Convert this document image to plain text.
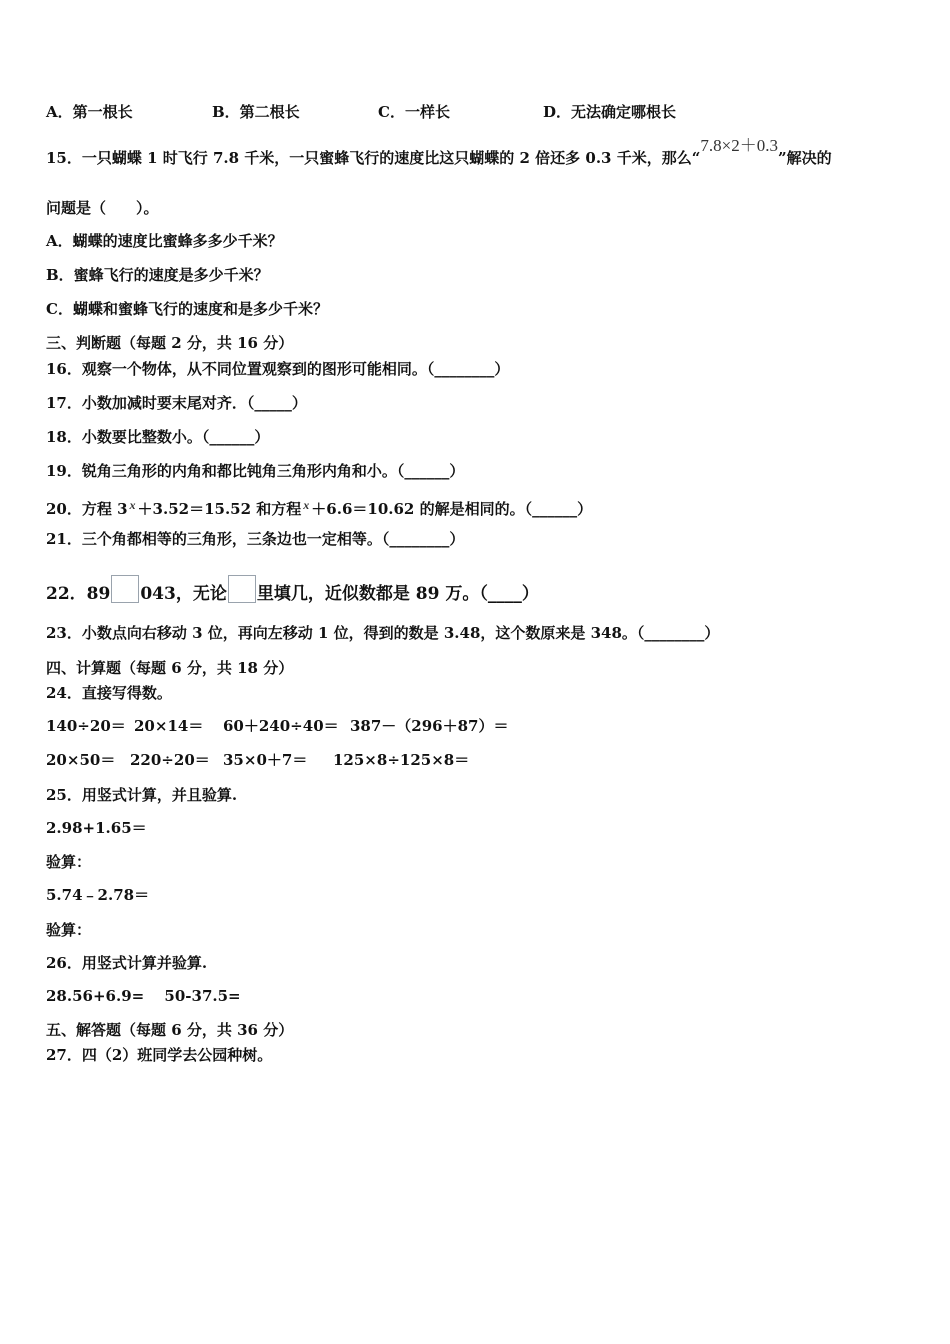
A．第一根长	B．第二根长	C．一样长	D．无法确定哪根长
15．一只蝴蝶 1 时飞行 7.8 千米，一只蜜蜂飞行的速度比这只蝴蝶的 2 倍还多 0.3 千米，那么“7.8×2＋0.3”解决的
问题是（　　）。
A．蝴蝶的速度比蜜蜂多多少千米？
B．蜜蜂飞行的速度是多少千米？
C．蝴蝶和蜜蜂飞行的速度和是多少千米？
三、判断题（每题 2 分，共 16 分）
16．观察一个物体，从不同位置观察到的图形可能相同。（________）
17．小数加减时要末尾对齐．（_____）
18．小数要比整数小。（______）
19．锐角三角形的内角和都比钝角三角形内角和小。（______）
20．方程 3 $^x$ ＋3.52＝15.52 和方程 $^x$ ＋6.6＝10.62 的解是相同的。（______）
21．三个角都相等的三角形，三条边也一定相等。（________）
22．89 043，无论 里填几，近似数都是 89 万。（____）
23．小数点向右移动 3 位，再向左移动 1 位，得到的数是 3.48，这个数原来是 348。（________）
四、计算题（每题 6 分，共 18 分）
24．直接写得数。
140÷20＝ 20×14＝ 60＋240÷40＝ 387－（296＋87）＝
20×50＝ 220÷20＝ 35×0＋7＝ 125×8÷125×8＝
25．用竖式计算，并且验算.
2.98+1.65＝
验算：
5.74﹣2.78＝
验算：
26．用竖式计算并验算.
28.56+6.9=　 50-37.5=
五、解答题（每题 6 分，共 36 分）
27．四（2）班同学去公园种树。
